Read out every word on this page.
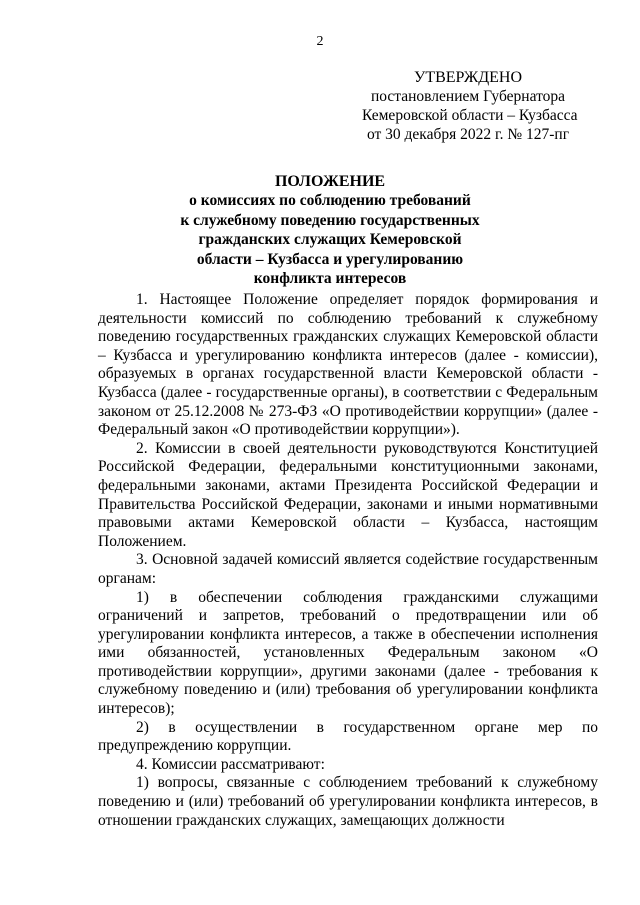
2
УТВЕРЖДЕНО
постановлением Губернатора
Кемеровской области – Кузбасса
от 30 декабря 2022 г. № 127-пг
ПОЛОЖЕНИЕ
о комиссиях по соблюдению требований
к служебному поведению государственных
гражданских служащих Кемеровской
области – Кузбасса и урегулированию
конфликта интересов

1. Настоящее Положение определяет порядок формирования и деятельности комиссий по соблюдению требований к служебному поведению государственных гражданских служащих Кемеровской области – Кузбасса и урегулированию конфликта интересов (далее - комиссии), образуемых в органах государственной власти Кемеровской области - Кузбасса (далее - государственные органы), в соответствии с Федеральным законом от 25.12.2008 № 273-ФЗ «О противодействии коррупции» (далее - Федеральный закон «О противодействии коррупции»).

2. Комиссии в своей деятельности руководствуются Конституцией Российской Федерации, федеральными конституционными законами, федеральными законами, актами Президента Российской Федерации и Правительства Российской Федерации, законами и иными нормативными правовыми актами Кемеровской области – Кузбасса, настоящим Положением.

3. Основной задачей комиссий является содействие государственным органам:

1) в обеспечении соблюдения гражданскими служащими ограничений и запретов, требований о предотвращении или об урегулировании конфликта интересов, а также в обеспечении исполнения ими обязанностей, установленных Федеральным законом «О противодействии коррупции», другими законами (далее - требования к служебному поведению и (или) требования об урегулировании конфликта интересов);

2) в осуществлении в государственном органе мер по предупреждению коррупции.

4. Комиссии рассматривают:

1) вопросы, связанные с соблюдением требований к служебному поведению и (или) требований об урегулировании конфликта интересов, в отношении гражданских служащих, замещающих должности
